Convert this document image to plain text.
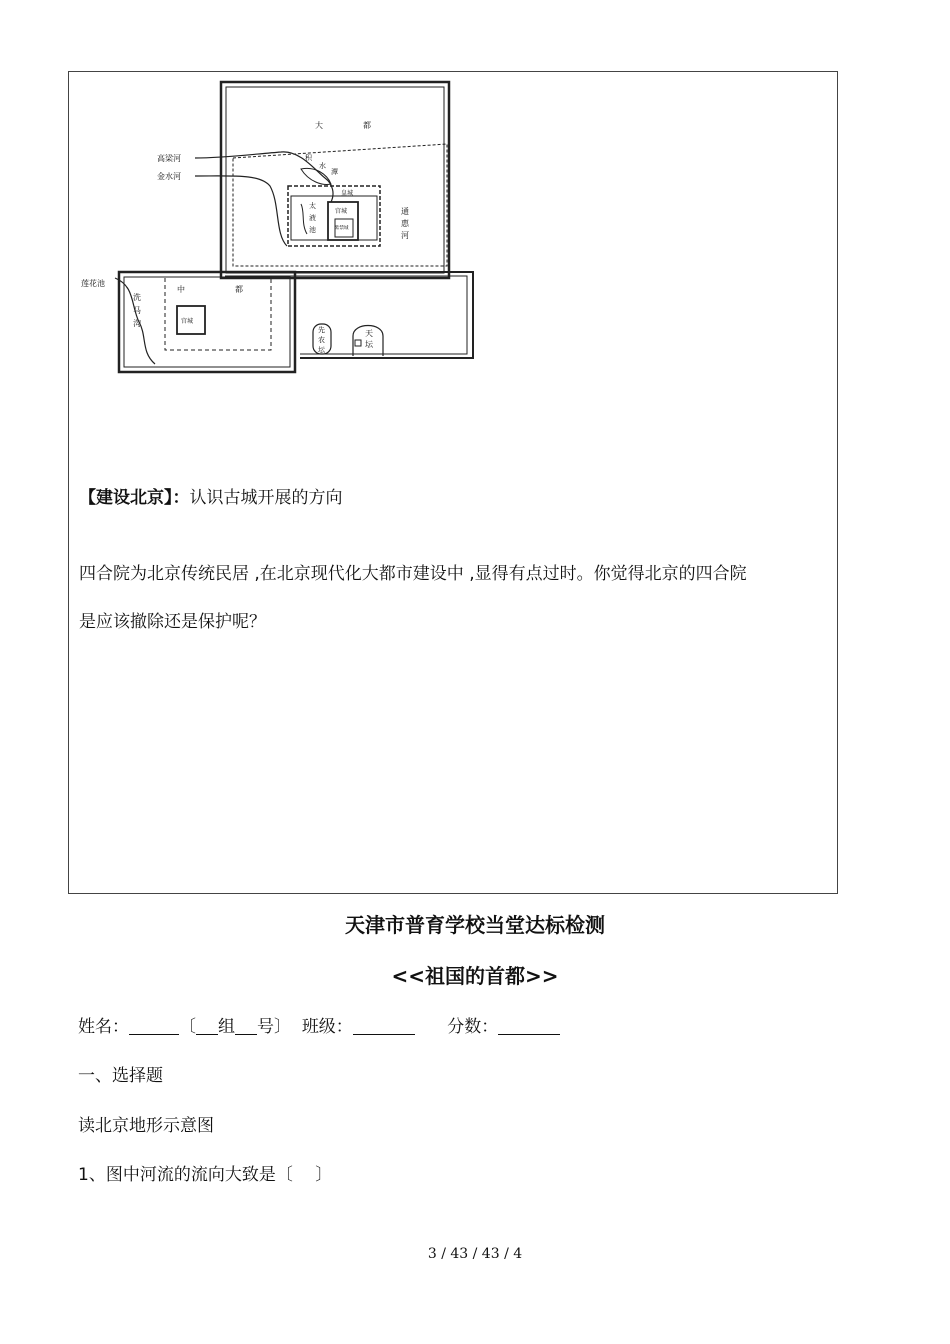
大	都
高梁河
金水河
积
水
潭
皇城
宫城
紫禁城
太
液
池
通
惠
河
莲花池
洗
马
沟
中	都
宫城
先
农
坛
天
坛
【建设北京】：认识古城开展的方向
四合院为北京传统民居 ,在北京现代化大都市建设中 ,显得有点过时。你觉得北京的四合院
是应该撤除还是保护呢？
天津市普育学校当堂达标检测
<<祖国的首都>>
姓名：	〔 组 号〕 班级：	分数：
一、选择题
读北京地形示意图
1、图中河流的流向大致是〔　 〕
3 / 43 / 43 / 4
